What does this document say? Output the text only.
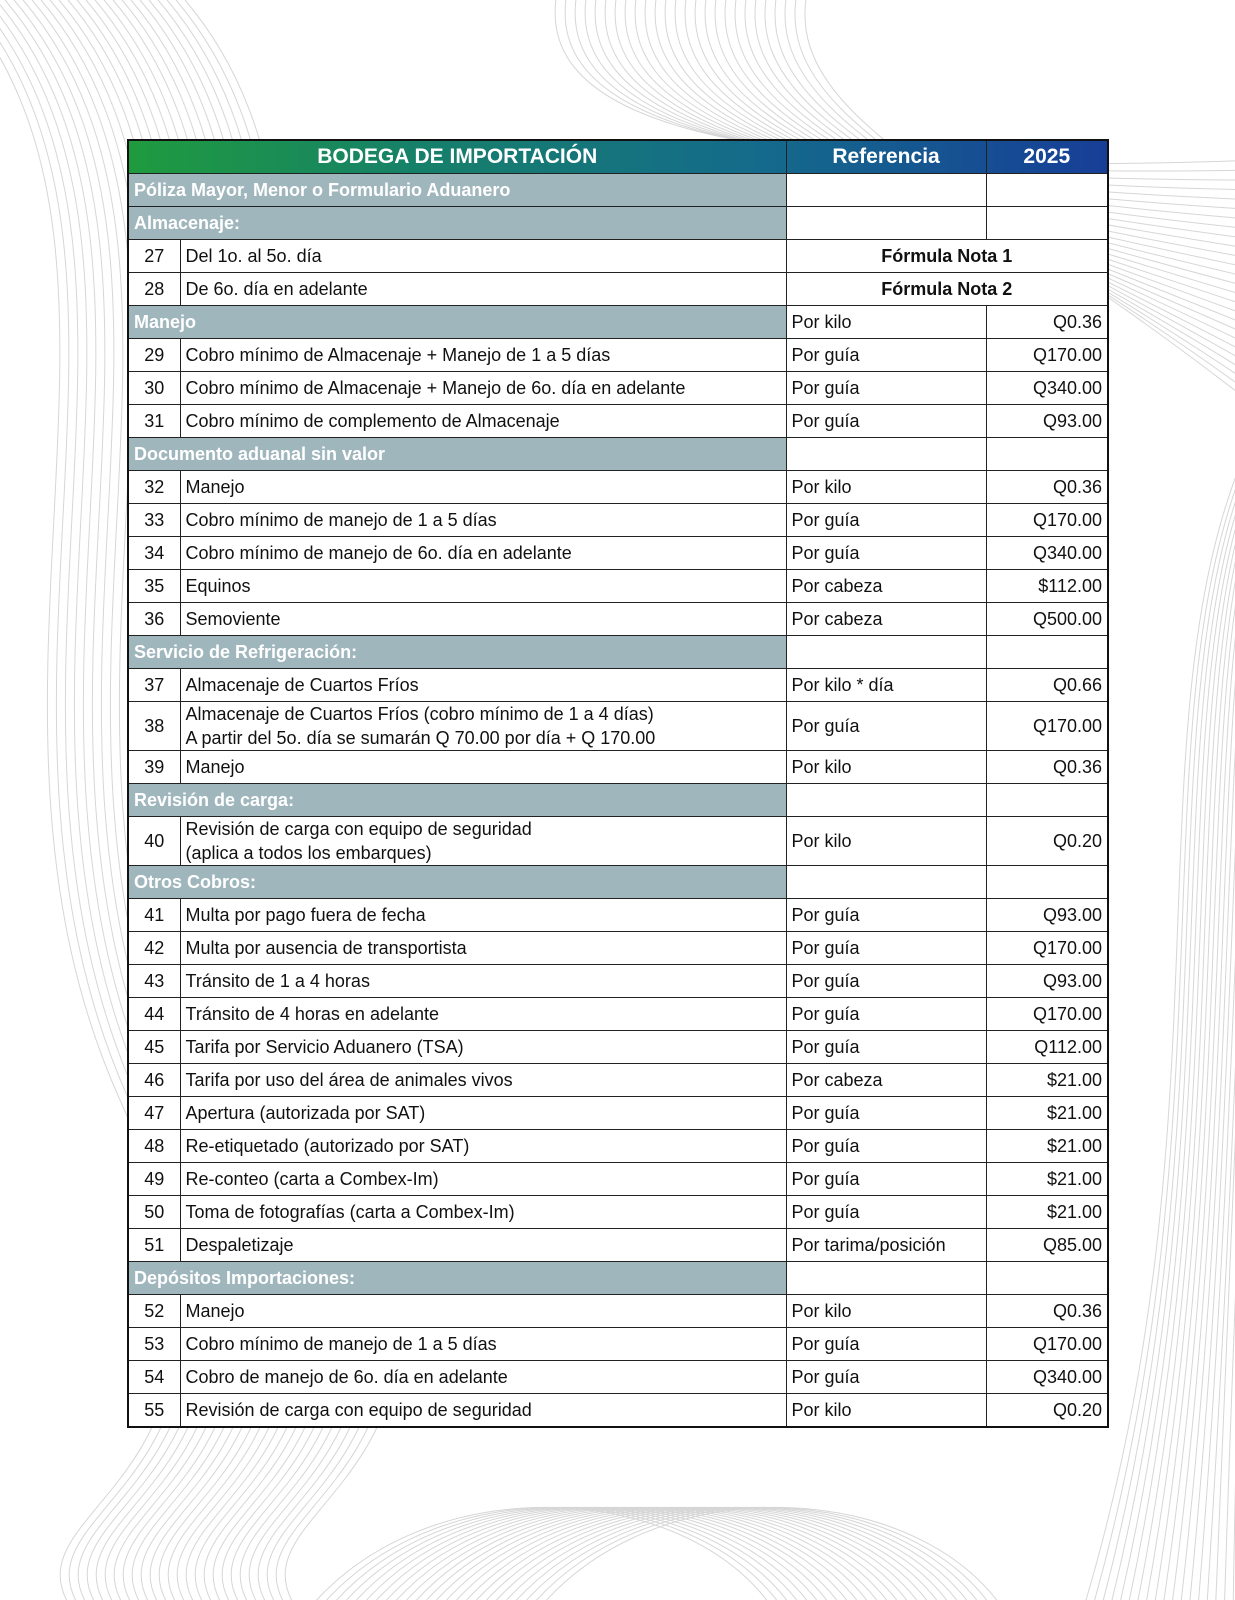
BODEGA DE IMPORTACIÓN		Referencia	2025
Póliza Mayor, Menor o Formulario Aduanero			
Almacenaje:			
27	Del 1o. al 5o. día	Fórmula Nota 1	
28	De 6o. día en adelante	Fórmula Nota 2	
Manejo		Por kilo	Q0.36
29	Cobro mínimo de Almacenaje + Manejo de 1 a 5 días	Por guía	Q170.00
30	Cobro mínimo de Almacenaje + Manejo de 6o. día en adelante	Por guía	Q340.00
31	Cobro mínimo de complemento de Almacenaje	Por guía	Q93.00
Documento aduanal sin valor			
32	Manejo	Por kilo	Q0.36
33	Cobro mínimo de manejo de 1 a 5 días	Por guía	Q170.00
34	Cobro mínimo de manejo de 6o. día en adelante	Por guía	Q340.00
35	Equinos	Por cabeza	$112.00
36	Semoviente	Por cabeza	Q500.00
Servicio de Refrigeración:			
37	Almacenaje de Cuartos Fríos	Por kilo * día	Q0.66
38	Almacenaje de Cuartos Fríos (cobro mínimo de 1 a 4 días)
A partir del 5o. día se sumarán Q 70.00 por día + Q 170.00	Por guía	Q170.00
39	Manejo	Por kilo	Q0.36
Revisión de carga:			
40	Revisión de carga con equipo de seguridad
(aplica a todos los embarques)	Por kilo	Q0.20
Otros Cobros:			
41	Multa por pago fuera de fecha	Por guía	Q93.00
42	Multa por ausencia de transportista	Por guía	Q170.00
43	Tránsito de 1 a 4 horas	Por guía	Q93.00
44	Tránsito de 4 horas en adelante	Por guía	Q170.00
45	Tarifa por Servicio Aduanero (TSA)	Por guía	Q112.00
46	Tarifa por uso del área de animales vivos	Por cabeza	$21.00
47	Apertura (autorizada por SAT)	Por guía	$21.00
48	Re-etiquetado (autorizado por SAT)	Por guía	$21.00
49	Re-conteo (carta a Combex-Im)	Por guía	$21.00
50	Toma de fotografías (carta a Combex-Im)	Por guía	$21.00
51	Despaletizaje	Por tarima/posición	Q85.00
Depósitos Importaciones:			
52	Manejo	Por kilo	Q0.36
53	Cobro mínimo de manejo de 1 a 5 días	Por guía	Q170.00
54	Cobro de manejo de 6o. día en adelante	Por guía	Q340.00
55	Revisión de carga con equipo de seguridad	Por kilo	Q0.20
